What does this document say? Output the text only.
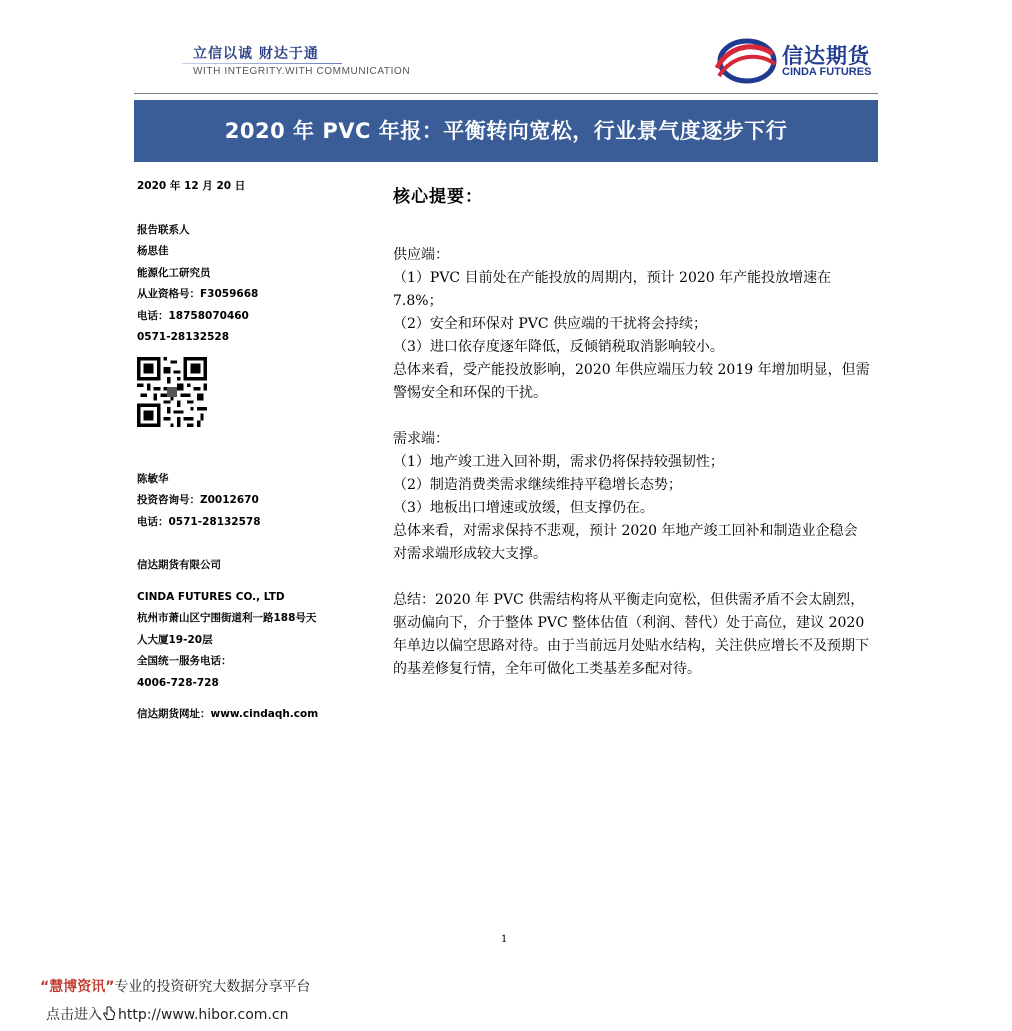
立信以诚 财达于通
WITH INTEGRITY.WITH COMMUNICATION
信达期货
CINDA FUTURES
2020 年 PVC 年报：平衡转向宽松，行业景气度逐步下行
2020 年 12 月 20 日
报告联系人
杨思佳
能源化工研究员
从业资格号：F3059668
电话：18758070460
0571-28132528
陈敏华
投资咨询号：Z0012670
电话：0571-28132578
信达期货有限公司
CINDA FUTURES CO., LTD
杭州市萧山区宁围街道利一路188号天
人大厦19-20层
全国统一服务电话：
4006-728-728
信达期货网址：www.cindaqh.com
核心提要：

供应端：

（1）PVC 目前处在产能投放的周期内，预计 2020 年产能投放增速在 7.8%；

（2）安全和环保对 PVC 供应端的干扰将会持续；

（3）进口依存度逐年降低，反倾销税取消影响较小。

总体来看，受产能投放影响，2020 年供应端压力较 2019 年增加明显，但需警惕安全和环保的干扰。

需求端：

（1）地产竣工进入回补期，需求仍将保持较强韧性；

（2）制造消费类需求继续维持平稳增长态势；

（3）地板出口增速或放缓，但支撑仍在。

总体来看，对需求保持不悲观，预计 2020 年地产竣工回补和制造业企稳会对需求端形成较大支撑。

总结：2020 年 PVC 供需结构将从平衡走向宽松，但供需矛盾不会太剧烈，驱动偏向下，介于整体 PVC 整体估值（利润、替代）处于高位，建议 2020 年单边以偏空思路对待。由于当前远月处贴水结构，关注供应增长不及预期下的基差修复行情，全年可做化工类基差多配对待。

1
“慧博资讯”专业的投资研究大数据分享平台
点击进入 http://www.hibor.com.cn
